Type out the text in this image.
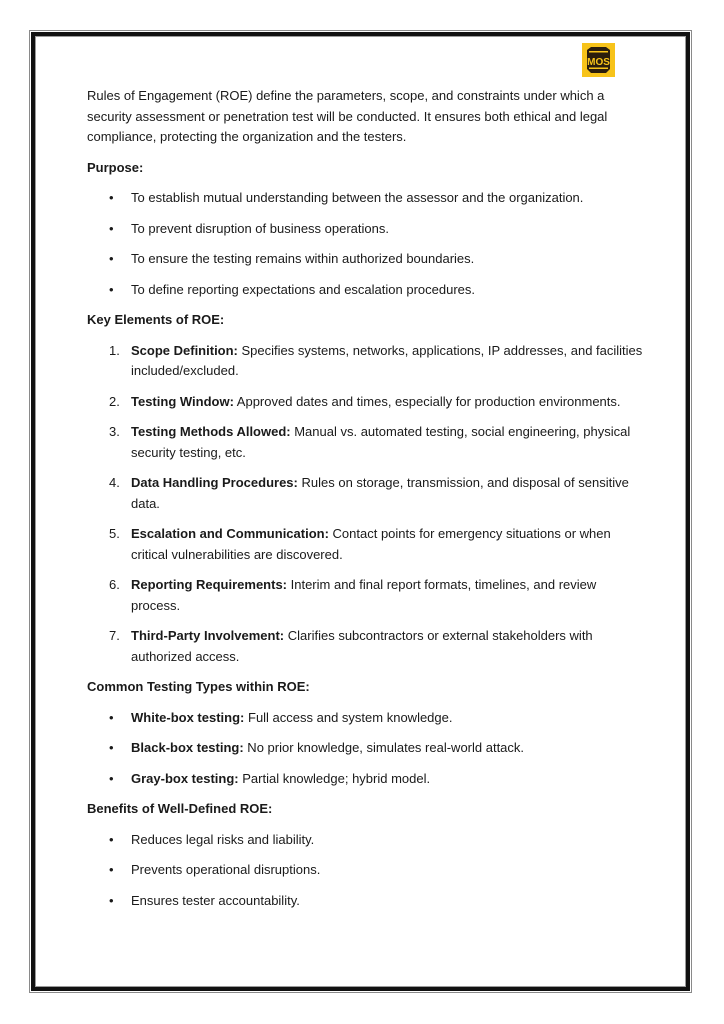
MOS

Rules of Engagement (ROE) define the parameters, scope, and constraints under which a security assessment or penetration test will be conducted. It ensures both ethical and legal compliance, protecting the organization and the testers.

Purpose:
• To establish mutual understanding between the assessor and the organization.
• To prevent disruption of business operations.
• To ensure the testing remains within authorized boundaries.
• To define reporting expectations and escalation procedures.
Key Elements of ROE:
1. Scope Definition: Specifies systems, networks, applications, IP addresses, and facilities included/excluded.
2. Testing Window: Approved dates and times, especially for production environments.
3. Testing Methods Allowed: Manual vs. automated testing, social engineering, physical security testing, etc.
4. Data Handling Procedures: Rules on storage, transmission, and disposal of sensitive data.
5. Escalation and Communication: Contact points for emergency situations or when critical vulnerabilities are discovered.
6. Reporting Requirements: Interim and final report formats, timelines, and review process.
7. Third-Party Involvement: Clarifies subcontractors or external stakeholders with authorized access.
Common Testing Types within ROE:
• White-box testing: Full access and system knowledge.
• Black-box testing: No prior knowledge, simulates real-world attack.
• Gray-box testing: Partial knowledge; hybrid model.
Benefits of Well-Defined ROE:
• Reduces legal risks and liability.
• Prevents operational disruptions.
• Ensures tester accountability.
